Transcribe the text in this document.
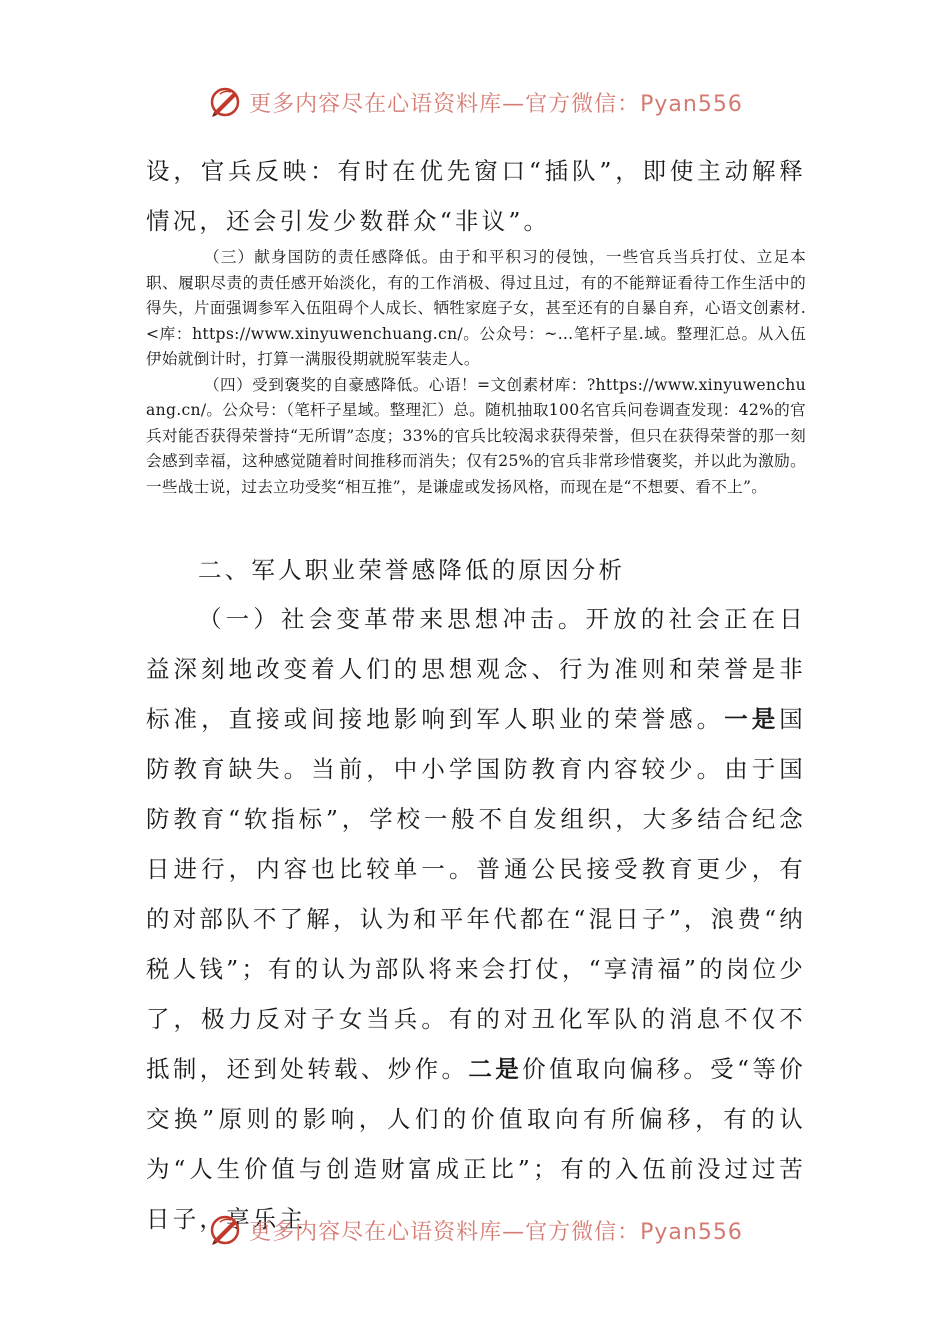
更多内容尽在心语资料库—官方微信：Pyan556

设，官兵反映：有时在优先窗口“插队”，即使主动解释情况，还会引发少数群众“非议”。

（三）献身国防的责任感降低。由于和平积习的侵蚀，一些官兵当兵打仗、立足本职、履职尽责的责任感开始淡化，有的工作消极、得过且过，有的不能辩证看待工作生活中的得失，片面强调参军入伍阻碍个人成长、牺牲家庭子女，甚至还有的自暴自弃，心语文创素材.<库：https://www.xinyuwenchuang.cn/。公众号：~…笔杆子星.域。整理汇总。从入伍伊始就倒计时，打算一满服役期就脱军装走人。

（四）受到褒奖的自豪感降低。心语！=文创素材库：?https://www.xinyuwenchuang.cn/。公众号：（笔杆子星域。整理汇）总。随机抽取100名官兵问卷调查发现：42%的官兵对能否获得荣誉持“无所谓”态度；33%的官兵比较渴求获得荣誉，但只在获得荣誉的那一刻会感到幸福，这种感觉随着时间推移而消失；仅有25%的官兵非常珍惜褒奖，并以此为激励。一些战士说，过去立功受奖“相互推”，是谦虚或发扬风格，而现在是“不想要、看不上”。

二、军人职业荣誉感降低的原因分析

（一）社会变革带来思想冲击。开放的社会正在日益深刻地改变着人们的思想观念、行为准则和荣誉是非标准，直接或间接地影响到军人职业的荣誉感。一是国防教育缺失。当前，中小学国防教育内容较少。由于国防教育“软指标”，学校一般不自发组织，大多结合纪念日进行，内容也比较单一。普通公民接受教育更少，有的对部队不了解，认为和平年代都在“混日子”，浪费“纳税人钱”；有的认为部队将来会打仗，“享清福”的岗位少了，极力反对子女当兵。有的对丑化军队的消息不仅不抵制，还到处转载、炒作。二是价值取向偏移。受“等价交换”原则的影响，人们的价值取向有所偏移，有的认为“人生价值与创造财富成正比”；有的入伍前没过过苦日子，享乐主

更多内容尽在心语资料库—官方微信：Pyan556
